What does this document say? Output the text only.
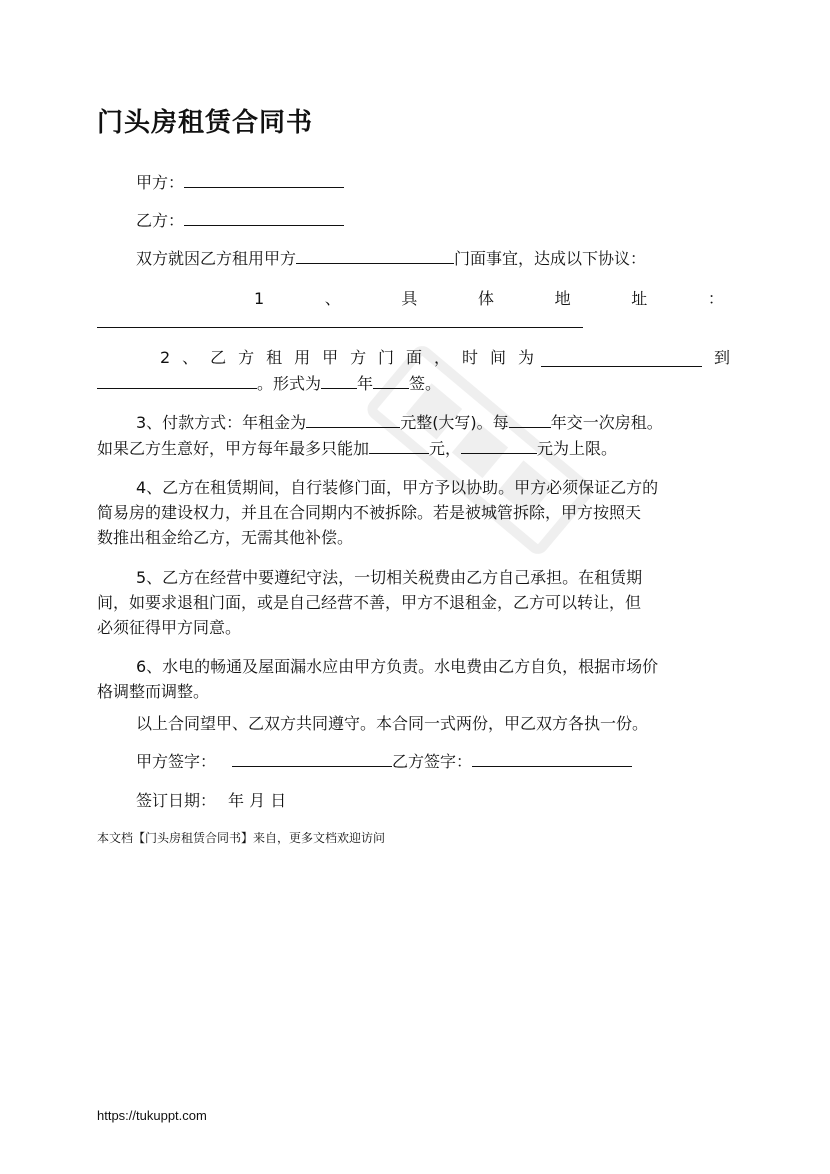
门头房租赁合同书
甲方：
乙方：
双方就因乙方租用甲方	门面事宜，达成以下协议：
1	、	具	体	地	址	：
2 、 乙 方 租 用 甲 方 门 面 ， 时 间 为	到
。形式为 年 签。
3、付款方式：年租金为	元整(大写)。每	年交一次房租。
如果乙方生意好，甲方每年最多只能加	元，	元为上限。
4、乙方在租赁期间，自行装修门面，甲方予以协助。甲方必须保证乙方的
简易房的建设权力，并且在合同期内不被拆除。若是被城管拆除，甲方按照天
数推出租金给乙方，无需其他补偿。
5、乙方在经营中要遵纪守法，一切相关税费由乙方自己承担。在租赁期
间，如要求退租门面，或是自己经营不善，甲方不退租金，乙方可以转让，但
必须征得甲方同意。
6、水电的畅通及屋面漏水应由甲方负责。水电费由乙方自负，根据市场价
格调整而调整。
以上合同望甲、乙双方共同遵守。本合同一式两份，甲乙双方各执一份。
甲方签字：	乙方签字：
签订日期： 年 月 日
本文档【门头房租赁合同书】来自，更多文档欢迎访问
https://tukuppt.com
